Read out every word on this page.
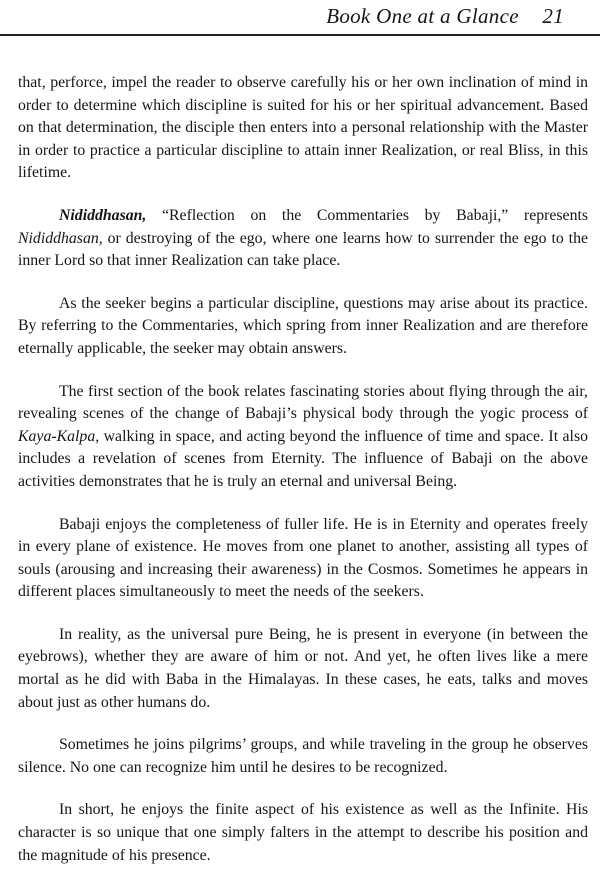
Book One at a Glance 21

that, perforce, impel the reader to observe carefully his or her own inclination of mind in order to determine which discipline is suited for his or her spiritual advancement. Based on that determination, the disciple then enters into a personal relationship with the Master in order to practice a particular discipline to attain inner Realization, or real Bliss, in this lifetime.

Nididdhasan, “Reflection on the Commentaries by Babaji,” represents Nididdhasan, or destroying of the ego, where one learns how to surrender the ego to the inner Lord so that inner Realization can take place.

As the seeker begins a particular discipline, questions may arise about its practice. By referring to the Commentaries, which spring from inner Realization and are therefore eternally applicable, the seeker may obtain answers.

The first section of the book relates fascinating stories about flying through the air, revealing scenes of the change of Babaji’s physical body through the yogic process of Kaya-Kalpa, walking in space, and acting beyond the influence of time and space. It also includes a revelation of scenes from Eternity. The influence of Babaji on the above activities demonstrates that he is truly an eternal and universal Being.

Babaji enjoys the completeness of fuller life. He is in Eternity and operates freely in every plane of existence. He moves from one planet to another, assisting all types of souls (arousing and increasing their awareness) in the Cosmos. Sometimes he appears in different places simultaneously to meet the needs of the seekers.

In reality, as the universal pure Being, he is present in everyone (in between the eyebrows), whether they are aware of him or not. And yet, he often lives like a mere mortal as he did with Baba in the Himalayas. In these cases, he eats, talks and moves about just as other humans do.

Sometimes he joins pilgrims’ groups, and while traveling in the group he observes silence. No one can recognize him until he desires to be recognized.

In short, he enjoys the finite aspect of his existence as well as the Infinite. His character is so unique that one simply falters in the attempt to describe his position and the magnitude of his presence.
